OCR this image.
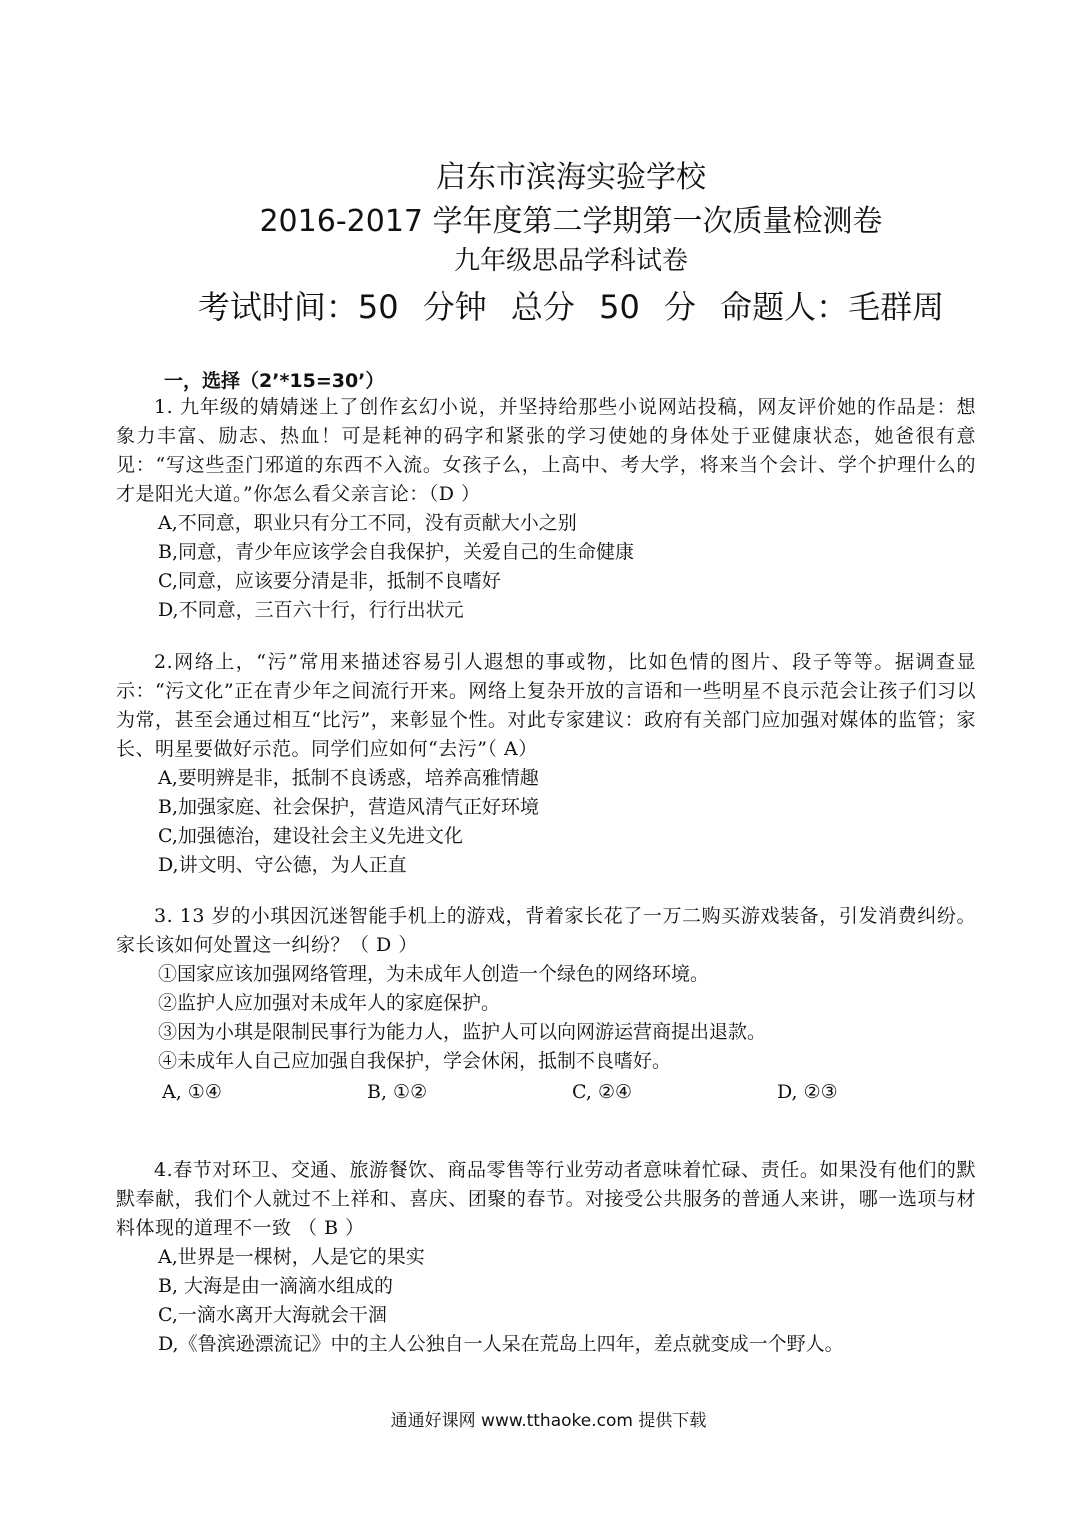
启东市滨海实验学校
2016-2017 学年度第二学期第一次质量检测卷
九年级思品学科试卷
考试时间：50 分钟 总分 50 分 命题人：毛群周
一，选择（2’*15=30’）

1. 九年级的婧婧迷上了创作玄幻小说，并坚持给那些小说网站投稿，网友评价她的作品是：想象力丰富、励志、热血！可是耗神的码字和紧张的学习使她的身体处于亚健康状态，她爸很有意见：“写这些歪门邪道的东西不入流。女孩子么，上高中、考大学，将来当个会计、学个护理什么的才是阳光大道。”你怎么看父亲言论：（D ）

A,不同意，职业只有分工不同，没有贡献大小之别

B,同意，青少年应该学会自我保护，关爱自己的生命健康

C,同意，应该要分清是非，抵制不良嗜好

D,不同意，三百六十行，行行出状元

2.网络上，“污”常用来描述容易引人遐想的事或物，比如色情的图片、段子等等。据调查显示：“污文化”正在青少年之间流行开来。网络上复杂开放的言语和一些明星不良示范会让孩子们习以为常，甚至会通过相互“比污”，来彰显个性。对此专家建议：政府有关部门应加强对媒体的监管；家长、明星要做好示范。同学们应如何“去污”（ A）

A,要明辨是非，抵制不良诱惑，培养高雅情趣

B,加强家庭、社会保护，营造风清气正好环境

C,加强德治，建设社会主义先进文化

D,讲文明、守公德，为人正直

3. 13 岁的小琪因沉迷智能手机上的游戏，背着家长花了一万二购买游戏装备，引发消费纠纷。家长该如何处置这一纠纷？（ D ）

①国家应该加强网络管理，为未成年人创造一个绿色的网络环境。

②监护人应加强对未成年人的家庭保护。

③因为小琪是限制民事行为能力人，监护人可以向网游运营商提出退款。

④未成年人自己应加强自我保护，学会休闲，抵制不良嗜好。

A, ①④	B, ①②	C, ②④	D, ②③

4.春节对环卫、交通、旅游餐饮、商品零售等行业劳动者意味着忙碌、责任。如果没有他们的默默奉献，我们个人就过不上祥和、喜庆、团聚的春节。对接受公共服务的普通人来讲，哪一选项与材料体现的道理不一致 （ B ）

A,世界是一棵树，人是它的果实

B, 大海是由一滴滴水组成的

C,一滴水离开大海就会干涸

D,《鲁滨逊漂流记》中的主人公独自一人呆在荒岛上四年，差点就变成一个野人。

通通好课网 www.tthaoke.com 提供下载
